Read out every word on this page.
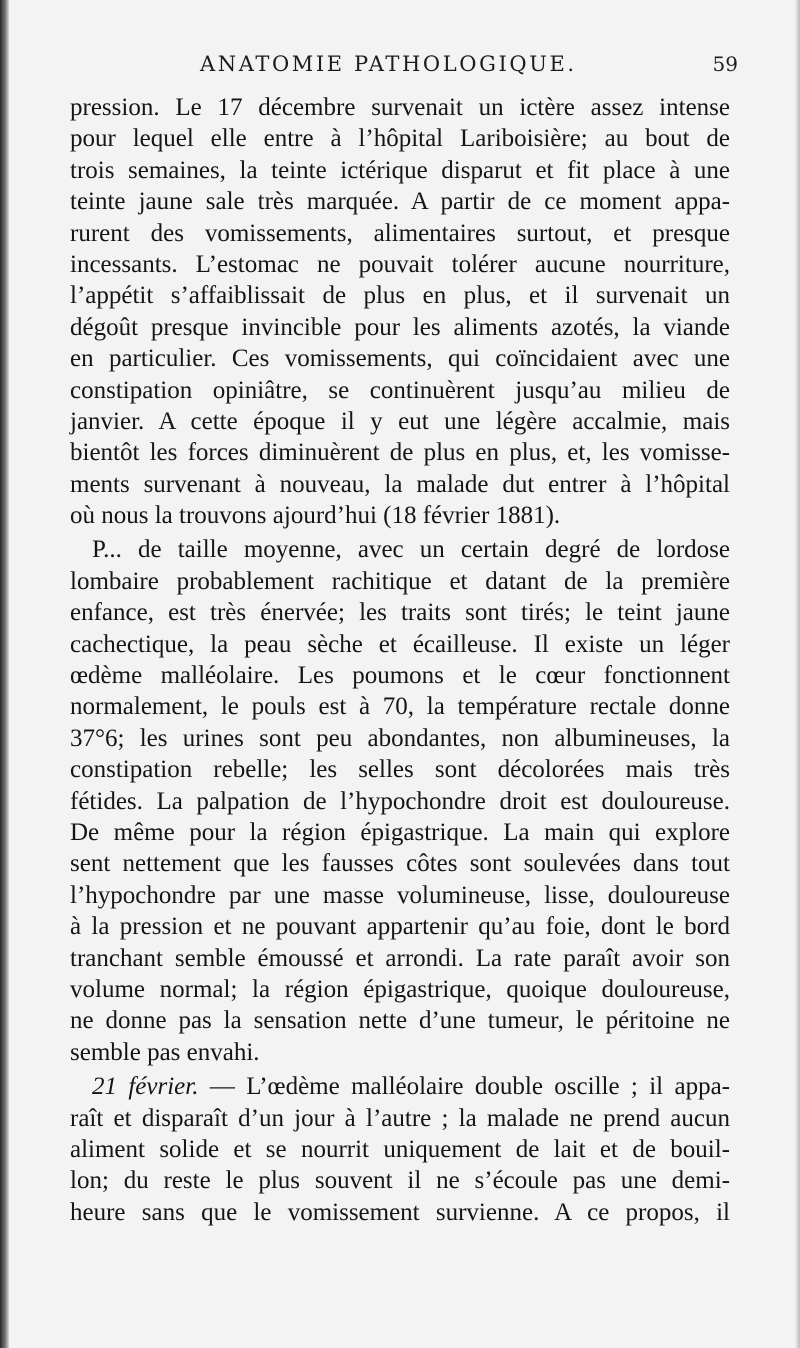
ANATOMIE PATHOLOGIQUE.	59
pression. Le 17 décembre survenait un ictère assez intense
pour lequel elle entre à l’hôpital Lariboisière; au bout de
trois semaines, la teinte ictérique disparut et fit place à une
teinte jaune sale très marquée. A partir de ce moment appa-
rurent des vomissements, alimentaires surtout, et presque
incessants. L’estomac ne pouvait tolérer aucune nourriture,
l’appétit s’affaiblissait de plus en plus, et il survenait un
dégoût presque invincible pour les aliments azotés, la viande
en particulier. Ces vomissements, qui coïncidaient avec une
constipation opiniâtre, se continuèrent jusqu’au milieu de
janvier. A cette époque il y eut une légère accalmie, mais
bientôt les forces diminuèrent de plus en plus, et, les vomisse-
ments survenant à nouveau, la malade dut entrer à l’hôpital
où nous la trouvons ajourd’hui (18 février 1881).
P... de taille moyenne, avec un certain degré de lordose
lombaire probablement rachitique et datant de la première
enfance, est très énervée; les traits sont tirés; le teint jaune
cachectique, la peau sèche et écailleuse. Il existe un léger
œdème malléolaire. Les poumons et le cœur fonctionnent
normalement, le pouls est à 70, la température rectale donne
37°6; les urines sont peu abondantes, non albumineuses, la
constipation rebelle; les selles sont décolorées mais très
fétides. La palpation de l’hypochondre droit est douloureuse.
De même pour la région épigastrique. La main qui explore
sent nettement que les fausses côtes sont soulevées dans tout
l’hypochondre par une masse volumineuse, lisse, douloureuse
à la pression et ne pouvant appartenir qu’au foie, dont le bord
tranchant semble émoussé et arrondi. La rate paraît avoir son
volume normal; la région épigastrique, quoique douloureuse,
ne donne pas la sensation nette d’une tumeur, le péritoine ne
semble pas envahi.
21 février. — L’œdème malléolaire double oscille ; il appa-
raît et disparaît d’un jour à l’autre ; la malade ne prend aucun
aliment solide et se nourrit uniquement de lait et de bouil-
lon; du reste le plus souvent il ne s’écoule pas une demi-
heure sans que le vomissement survienne. A ce propos, il
